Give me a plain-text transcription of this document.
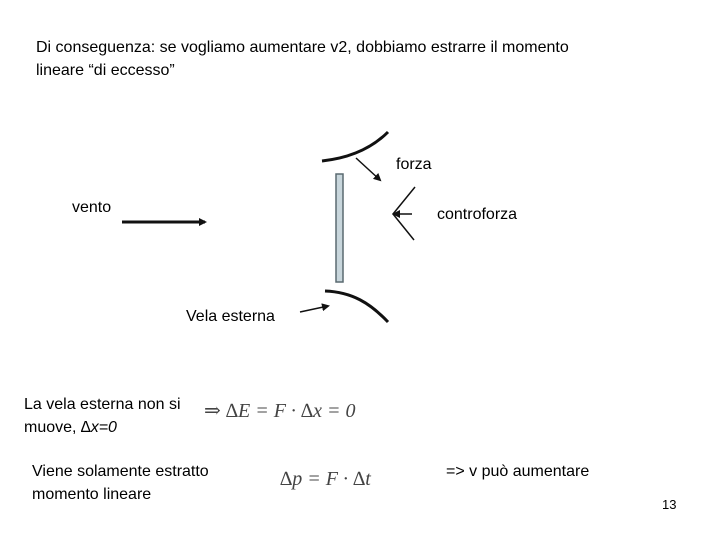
Di conseguenza: se vogliamo aumentare v2, dobbiamo estrarre il momento
lineare “di eccesso”
forza
vento	controforza
Vela esterna

La vela esterna non si
muove, ∆x=0

⇒ ∆E = F · ∆x = 0
Viene solamente estratto
momento lineare
∆p = F · ∆t	=> v può aumentare
13
